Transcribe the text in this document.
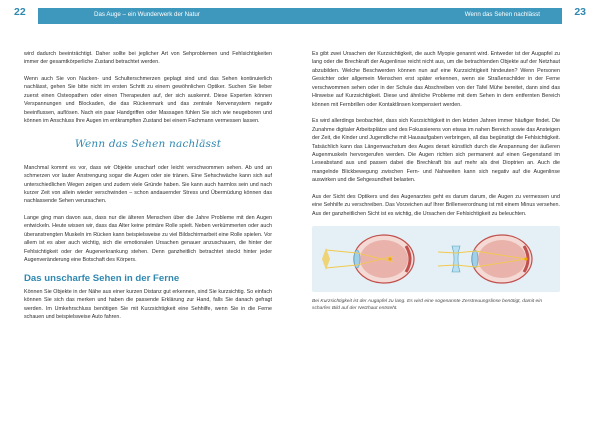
22	Das Auge – ein Wunderwerk der Natur

wird dadurch beeinträchtigt. Daher sollte bei jeglicher Art von Sehproblemen und Fehlsichtigkeiten immer der gesamtkörperliche Zustand betrachtet werden.

Wenn auch Sie von Nacken- und Schulterschmerzen geplagt sind und das Sehen kontinuierlich nachlässt, gehen Sie bitte nicht im ersten Schritt zu einem gewöhnlichen Optiker. Suchen Sie lieber zuerst einen Osteopathen oder einen Therapeuten auf, der sich auskennt. Diese Experten können Verspannungen und Blockaden, die das Rückenmark und das zentrale Nervensystem negativ beeinflussen, auflösen. Nach ein paar Handgriffen oder Massagen fühlen Sie sich wie neugeboren und können im Anschluss Ihre Augen im entkrampften Zustand bei einem Fachmann vermessen lassen.

Wenn das Sehen nachlässt

Manchmal kommt es vor, dass wir Objekte unscharf oder leicht verschwommen sehen. Ab und an schmerzen vor lauter Anstrengung sogar die Augen oder sie tränen. Eine Sehschwäche kann sich auf unterschiedlichen Wegen zeigen und zudem viele Gründe haben. Sie kann auch harmlos sein und nach kurzer Zeit von allein wieder verschwinden – schon andauernder Stress und Übermüdung können das nachlassende Sehen verursachen.

Lange ging man davon aus, dass nur die älteren Menschen über die Jahre Probleme mit den Augen entwickeln. Heute wissen wir, dass das Alter keine primäre Rolle spielt. Neben verkümmerten oder auch überanstrengten Muskeln im Rücken kann beispielsweise zu viel Bildschirmarbeit eine Rolle spielen. Vor allem ist es aber auch wichtig, sich die emotionalen Ursachen genauer anzuschauen, die hinter der Fehlsichtigkeit oder der Augenerkrankung stehen. Denn ganzheitlich betrachtet steckt hinter jeder Augenveränderung eine Botschaft des Körpers.

Das unscharfe Sehen in der Ferne

Können Sie Objekte in der Nähe aus einer kurzen Distanz gut erkennen, sind Sie kurzsichtig. So einfach können Sie sich das merken und haben die passende Erklärung zur Hand, falls Sie danach gefragt werden. Im Umkehrschluss benötigen Sie mit Kurzsichtigkeit eine Sehhilfe, wenn Sie in die Ferne schauen und beispielsweise Auto fahren.

Wenn das Sehen nachlässt	23

Es gibt zwei Ursachen der Kurzsichtigkeit, die auch Myopie genannt wird. Entweder ist der Augapfel zu lang oder die Brechkraft der Augenlinse reicht nicht aus, um die betrachtenden Objekte auf der Netzhaut abzubilden. Welche Beschwerden können nun auf eine Kurzsichtigkeit hindeuten? Wenn Personen Gesichter oder allgemein Menschen erst später erkennen, wenn sie Straßenschilder in der Ferne verschwommen sehen oder in der Schule das Abschreiben von der Tafel Mühe bereitet, dann sind das Hinweise auf Kurzsichtigkeit. Diese und ähnliche Probleme mit dem Sehen in dem entfernten Bereich können mit Fernbrillen oder Kontaktlinsen kompensiert werden.

Es wird allerdings beobachtet, dass sich Kurzsichtigkeit in den letzten Jahren immer häufiger findet. Die Zunahme digitaler Arbeitsplätze und des Fokussierens von etwas im nahen Bereich sowie das Ansteigen der Zeit, die Kinder und Jugendliche mit Hausaufgaben verbringen, all das begünstigt die Fehlsichtigkeit. Tatsächlich kann das Längenwachstum des Auges derart künstlich durch die Anspannung der äußeren Augenmuskeln hervorgerufen werden. Die Augen richten sich permanent auf einen Gegenstand im Leseabstand aus und passen dabei die Brechkraft bis auf mehr als drei Dioptrien an. Auch die mangelnde Blickbewegung zwischen Fern- und Nahweiten kann sich negativ auf die Augenlinse auswirken und die Sehgesundheit belasten.

Aus der Sicht des Optikers und des Augenarztes geht es darum darum, die Augen zu vermessen und eine Sehhilfe zu verschreiben. Das Vorzeichen auf Ihrer Brillenverordnung ist mit einem Minus versehen. Aus der ganzheitlichen Sicht ist es wichtig, die Ursachen der Fehlsichtigkeit zu beleuchten.

Bei Kurzsichtigkeit ist der Augapfel zu lang. Es wird eine sogenannte Zerstreuungslinse benötigt, damit ein scharfes Bild auf der Netzhaut entsteht.
